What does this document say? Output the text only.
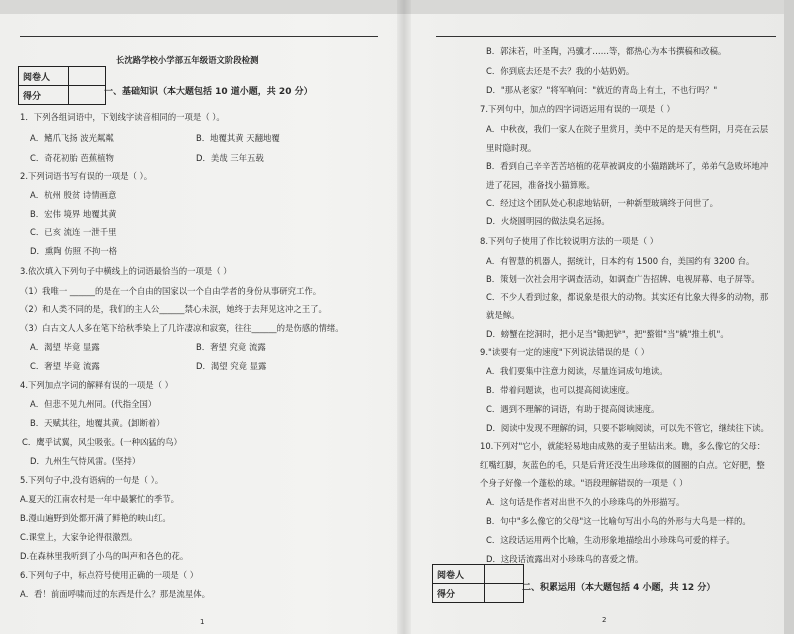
长沈路学校小学部五年级语文阶段检测
阅卷人	
得分		一、基础知识（本大题包括 10 道小题，共 20 分）
1．下列各组词语中，下划线字读音相同的一项是（ ）。
A．鳍爪飞扬 波光粼粼	B．地覆其黄 天翻地覆
C．奇花初胎 芭蕉植物	D．美哉 三年五载
2.下列词语书写有误的一项是（ ）。
A．杭州 殷贫 诗情画意
B．宏伟 境界 地覆其黄
C．已亥 流连 一泄千里
D．熏陶 仿照 不拘一格
3.依次填入下列句子中横线上的词语最恰当的一项是（ ）
（1）我唯一 ______的是在一个自由的国家以一个自由学者的身份从事研究工作。
（2）和人类不同的是，我们的主人公______禁心未泯，她终于去拜见这冲之王了。
（3）白古文人人多在笔下给秋季染上了几许凄凉和寂寞，往往______的是伤感的情绪。
A．渴望 毕竟 显露	B．奢望 究竟 流露
C．奢望 毕竟 流露	D．渴望 究竟 显露
4.下列加点字词的解释有误的一项是（ ）
A．但悲不见九州同。(代指全国）
B．天赋其往，地覆其黄。(卸断着）
C．鹰乎试翼，风尘吸张。(一种凶猛的鸟）
D．九州生气恃风雷。(坚持）
5.下列句子中,没有语病的一句是（ ）。
A.夏天的江南农村是一年中最繁忙的季节。
B.漫山遍野到处都开满了鲜艳的映山红。
C.课堂上，大家争论得很激烈。
D.在森林里我听到了小鸟的叫声和各色的花。
6.下列句子中，标点符号使用正确的一项是（ ）
A．看！前面呼啸而过的东西是什么？那是流星体。
1
B．郭沫若，叶圣陶，冯骥才……等，都热心为本书撰稿和改稿。
C．你到底去还是不去？我的小姑奶奶。
D．"那从老家？"将军响问："就近的青岛上有土，不也行吗？"
7.下列句中，加点的四字词语运用有误的一项是（ ）
A．中秋夜，我们一家人在院子里赏月，美中不足的是天有些阴，月亮在云层
里时隐时现。
B．看到自己辛辛苦苦培植的花草被调皮的小猫踏跳坏了，弟弟气急败坏地冲
进了花园，准备找小猫算账。
C．经过这个团队处心积虑地钻研，一种新型玻璃终于问世了。
D．火烧圆明园的做法臭名远扬。
8.下列句子使用了作比较说明方法的一项是（ ）
A．有智慧的机器人，据统计，日本约有 1500 台，美国约有 3200 台。
B．策划一次社会用字调查活动，如调查广告招牌、电视屏幕、电子屏等。
C．不少人看到过象，都说象是很大的动物。其实还有比象大得多的动物，那
就是鲸。
D．螃蟹在挖洞时，把小足当"锄把铲"，把"螯钳"当"橇"推土机"。
9."读要有一定的速度"下列说法错误的是（ ）
A．我们要集中注意力阅读，尽量连词成句地读。
B．带着问题读，也可以提高阅读速度。
C．遇到不理解的词语，有助于提高阅读速度。
D．阅读中发现不理解的词，只要不影响阅读，可以先不管它，继续往下读。
10.下列对"它小，就能轻易地由成熟的麦子里钻出来。瞧，多么像它的父母：
红嘴红脚，灰蓝色的毛，只是后背还没生出珍珠似的圆圈的白点。它好肥，整
个身子好像一个蓬松的球。"语段理解错误的一项是（ ）
A．这句话是作者对出世不久的小珍珠鸟的外形描写。
B．句中"多么像它的父母"这一比喻句写出小鸟的外形与大鸟是一样的。
C．这段话运用两个比喻，生动形象地描绘出小珍珠鸟可爱的样子。
D．这段话流露出对小珍珠鸟的喜爱之情。
阅卷人	
得分	
二、积累运用（本大题包括 4 小题，共 12 分）
2
